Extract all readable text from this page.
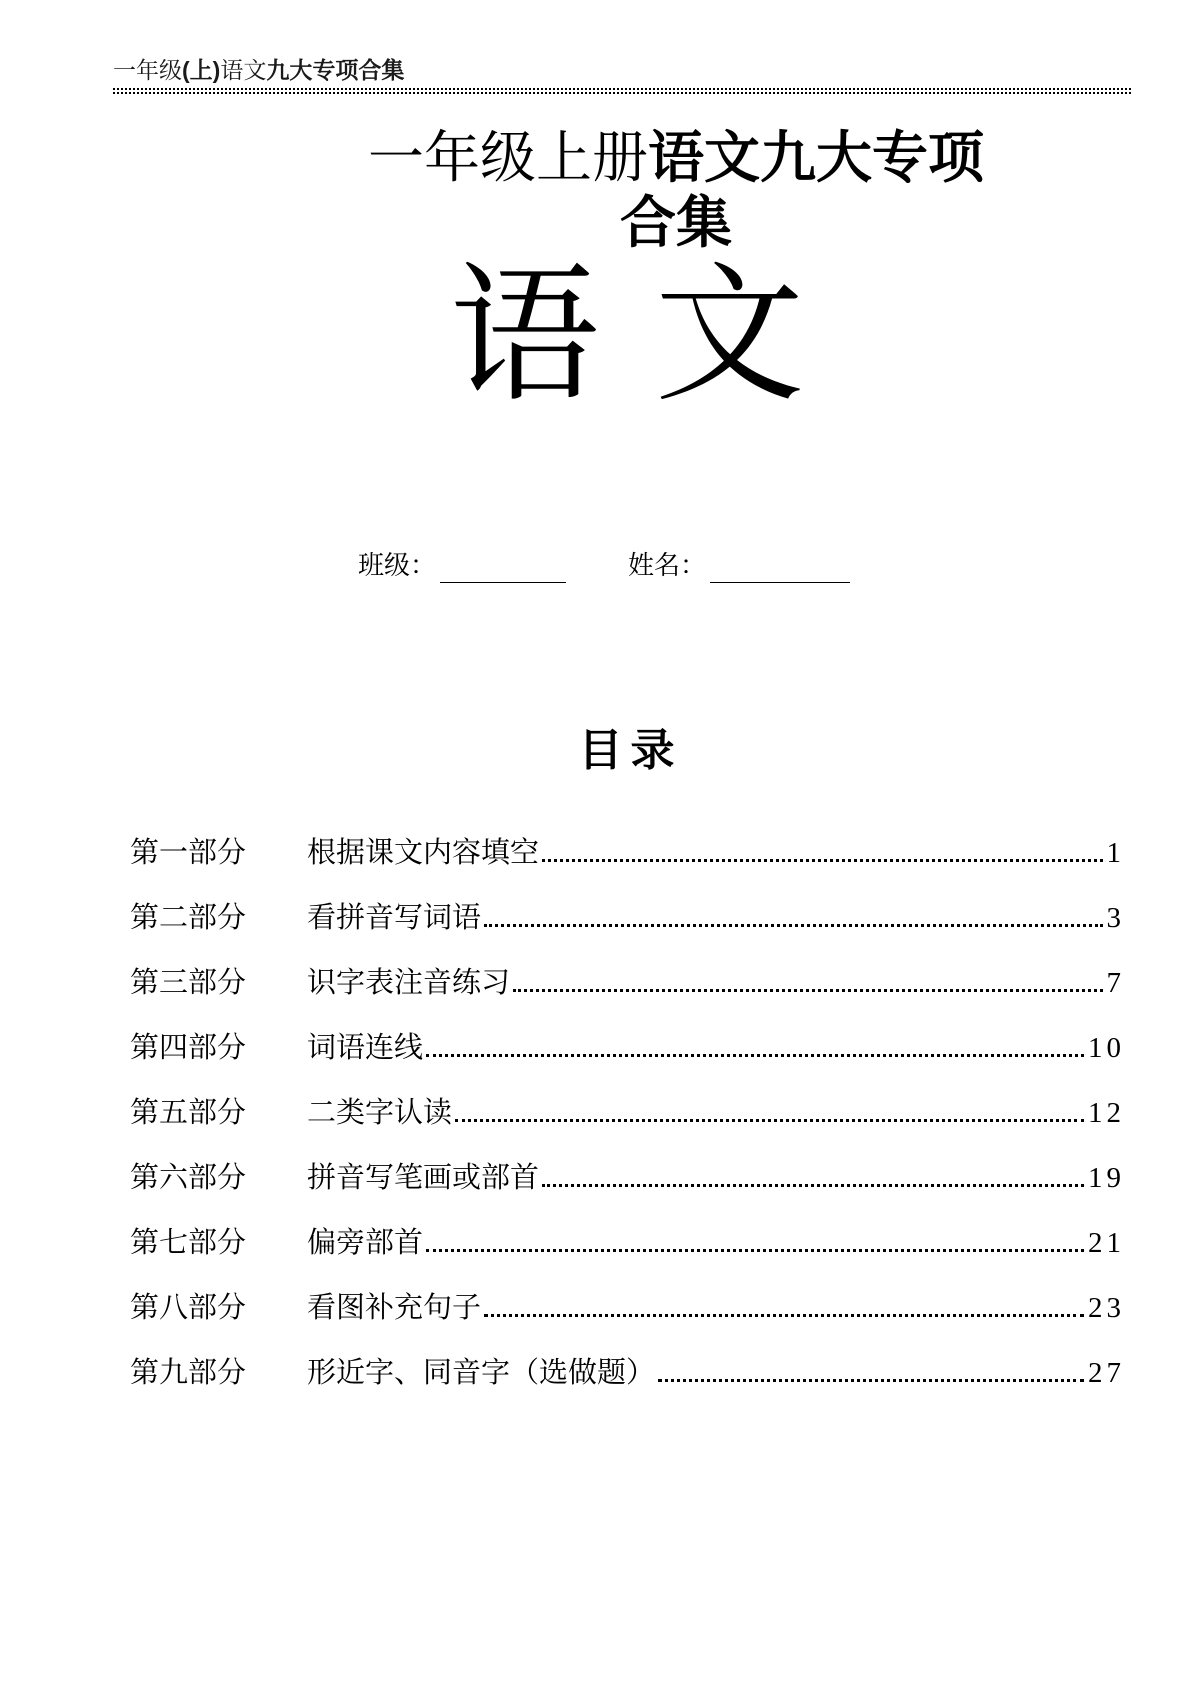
一年级(上)语文九大专项合集
一年级上册语文九大专项
合集
语文
班级：	姓名：
目录
第一部分	根据课文内容填空	1
第二部分	看拼音写词语	3
第三部分	识字表注音练习	7
第四部分	词语连线	10
第五部分	二类字认读	12
第六部分	拼音写笔画或部首	19
第七部分	偏旁部首	21
第八部分	看图补充句子	23
第九部分	形近字、同音字（选做题）	27
